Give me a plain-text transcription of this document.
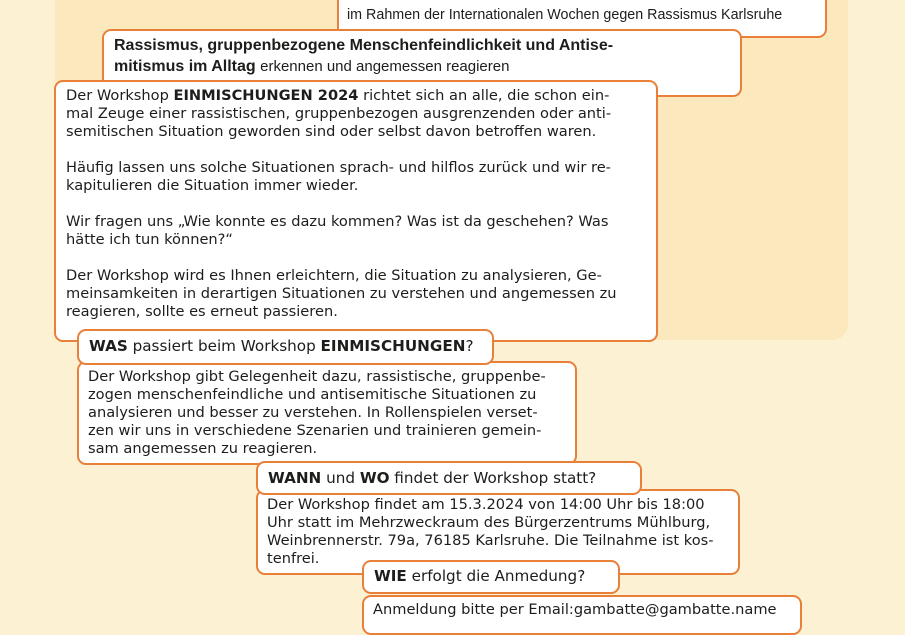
im Rahmen der Internationalen Wochen gegen Rassismus Karlsruhe
Rassismus, gruppenbezogene Menschenfeindlichkeit und Antise-
mitismus im Alltag erkennen und angemessen reagieren

Der Workshop EINMISCHUNGEN 2024 richtet sich an alle, die schon ein-
mal Zeuge einer rassistischen, gruppenbezogen ausgrenzenden oder anti-
semitischen Situation geworden sind oder selbst davon betroffen waren.

Häufig lassen uns solche Situationen sprach- und hilflos zurück und wir re-
kapitulieren die Situation immer wieder.

Wir fragen uns „Wie konnte es dazu kommen? Was ist da geschehen? Was
hätte ich tun können?“

Der Workshop wird es Ihnen erleichtern, die Situation zu analysieren, Ge-
meinsamkeiten in derartigen Situationen zu verstehen und angemessen zu
reagieren, sollte es erneut passieren.

Der Workshop gibt Gelegenheit dazu, rassistische, gruppenbe-
zogen menschenfeindliche und antisemitische Situationen zu
analysieren und besser zu verstehen. In Rollenspielen verset-
zen wir uns in verschiedene Szenarien und trainieren gemein-
sam angemessen zu reagieren.

WAS passiert beim Workshop EINMISCHUNGEN?

Der Workshop findet am 15.3.2024 von 14:00 Uhr bis 18:00
Uhr statt im Mehrzweckraum des Bürgerzentrums Mühlburg,
Weinbrennerstr. 79a, 76185 Karlsruhe. Die Teilnahme ist kos-
tenfrei.

WANN und WO findet der Workshop statt?

Anmeldung bitte per Email:gambatte@gambatte.name

WIE erfolgt die Anmedung?
